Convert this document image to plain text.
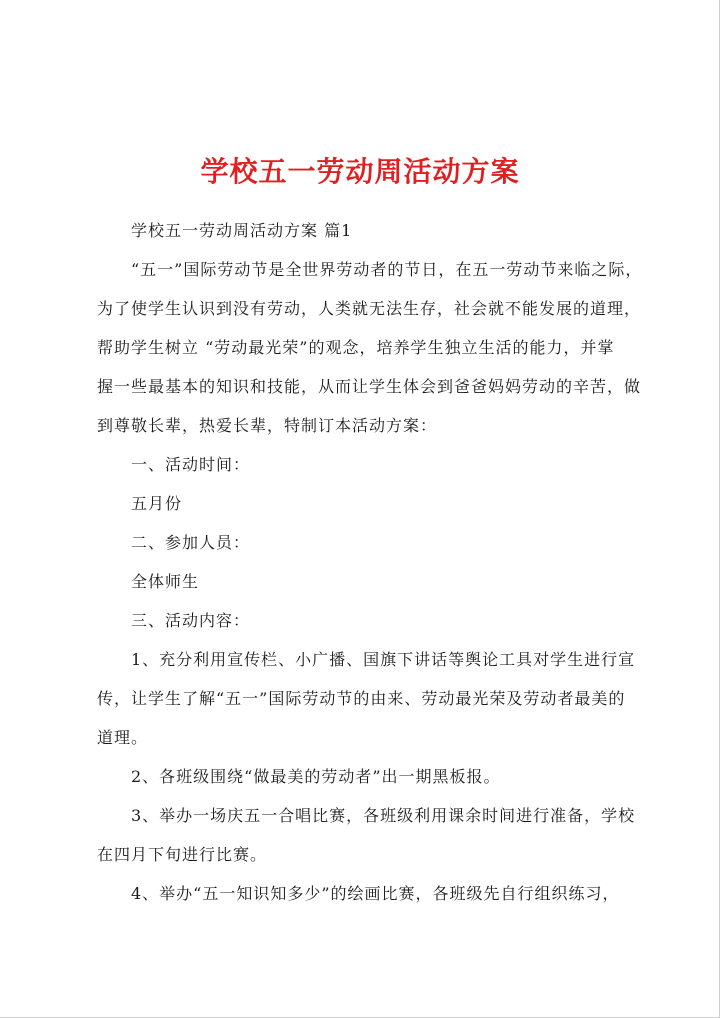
学校五一劳动周活动方案
学校五一劳动周活动方案 篇1
“五一”国际劳动节是全世界劳动者的节日，在五一劳动节来临之际，
为了使学生认识到没有劳动，人类就无法生存，社会就不能发展的道理，
帮助学生树立 “劳动最光荣”的观念，培养学生独立生活的能力，并掌
握一些最基本的知识和技能，从而让学生体会到爸爸妈妈劳动的辛苦，做
到尊敬长辈，热爱长辈，特制订本活动方案：
一、活动时间：
五月份
二、参加人员：
全体师生
三、活动内容：
1、充分利用宣传栏、小广播、国旗下讲话等舆论工具对学生进行宣
传，让学生了解“五一”国际劳动节的由来、劳动最光荣及劳动者最美的
道理。
2、各班级围绕“做最美的劳动者”出一期黑板报。
3、举办一场庆五一合唱比赛，各班级利用课余时间进行准备，学校
在四月下旬进行比赛。
4、举办“五一知识知多少”的绘画比赛，各班级先自行组织练习，
